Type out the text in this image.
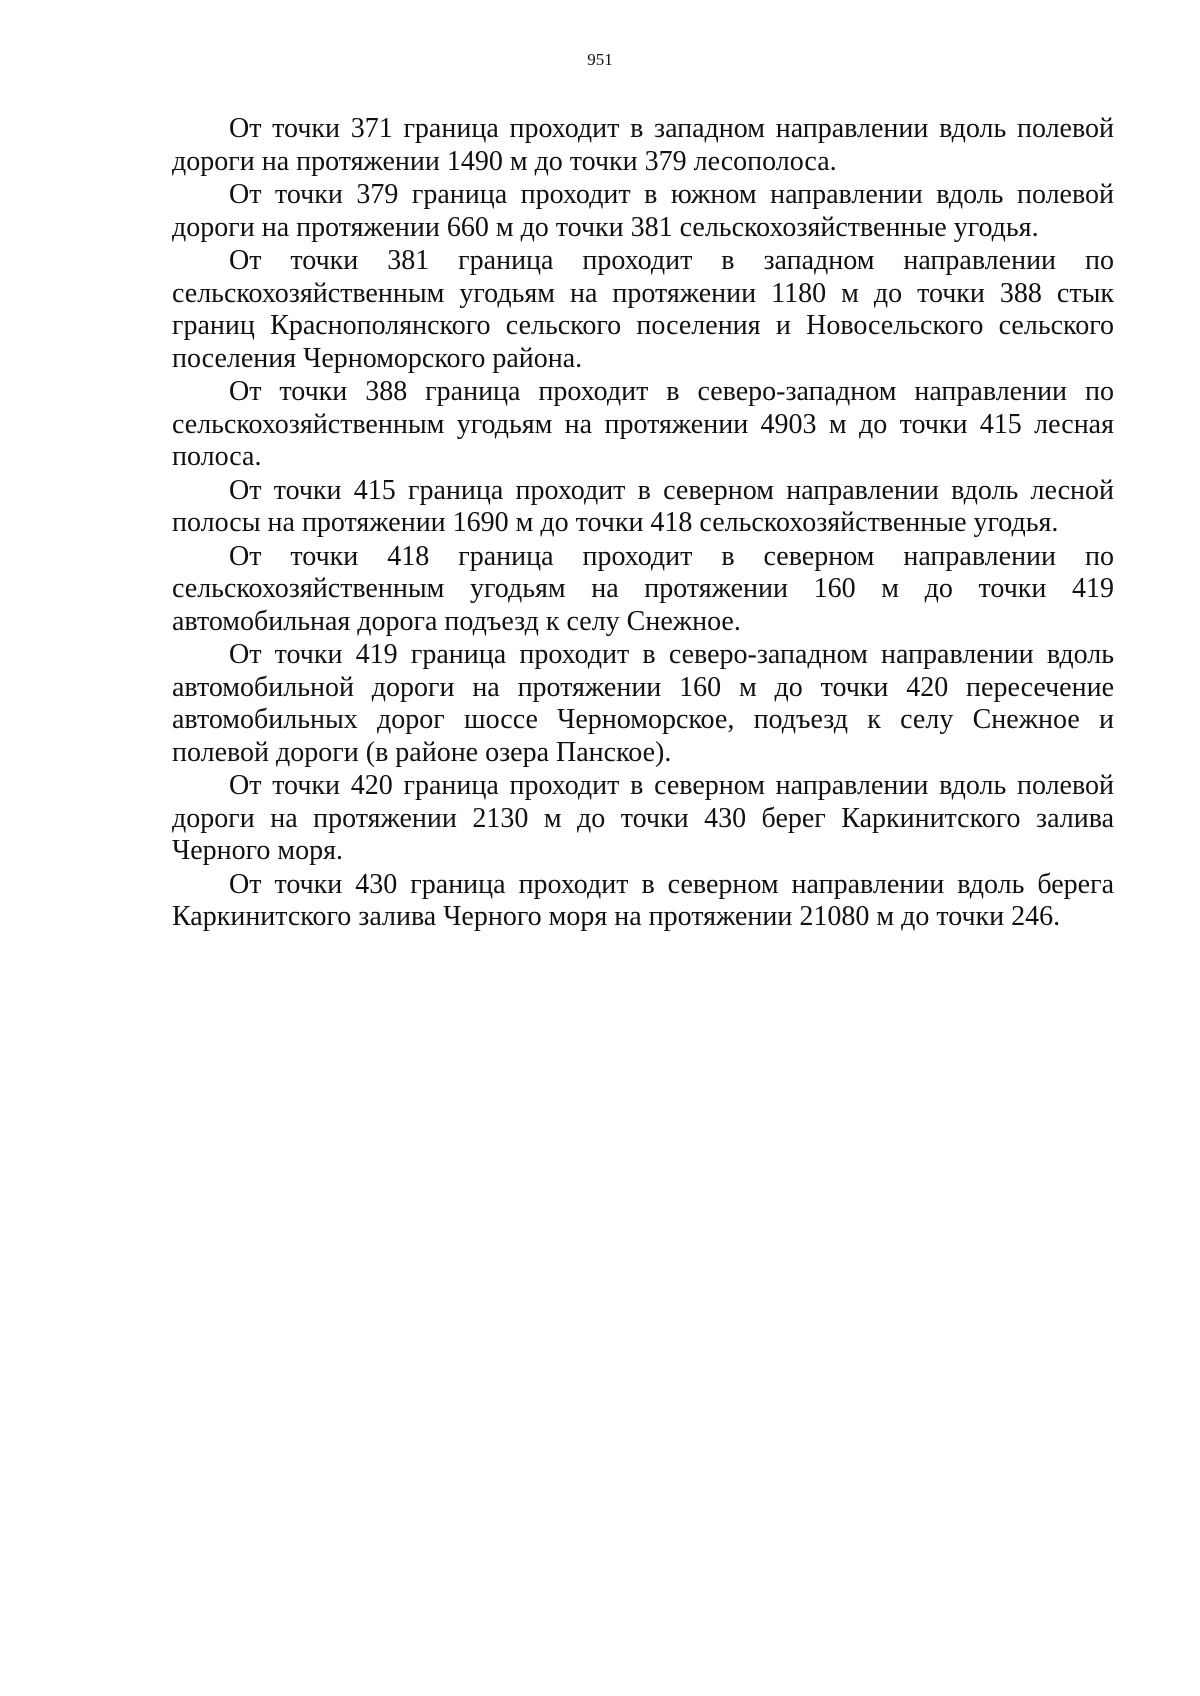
951

От точки 371 граница проходит в западном направлении вдоль полевой дороги на протяжении 1490 м до точки 379 лесополоса.

От точки 379 граница проходит в южном направлении вдоль полевой дороги на протяжении 660 м до точки 381 сельскохозяйственные угодья.

От точки 381 граница проходит в западном направлении по сельскохозяйственным угодьям на протяжении 1180 м до точки 388 стык границ Краснополянского сельского поселения и Новосельского сельского поселения Черноморского района.

От точки 388 граница проходит в северо-западном направлении по сельскохозяйственным угодьям на протяжении 4903 м до точки 415 лесная полоса.

От точки 415 граница проходит в северном направлении вдоль лесной полосы на протяжении 1690 м до точки 418 сельскохозяйственные угодья.

От точки 418 граница проходит в северном направлении по сельскохозяйственным угодьям на протяжении 160 м до точки 419 автомобильная дорога подъезд к селу Снежное.

От точки 419 граница проходит в северо-западном направлении вдоль автомобильной дороги на протяжении 160 м до точки 420 пересечение автомобильных дорог шоссе Черноморское, подъезд к селу Снежное и полевой дороги (в районе озера Панское).

От точки 420 граница проходит в северном направлении вдоль полевой дороги на протяжении 2130 м до точки 430 берег Каркинитского залива Черного моря.

От точки 430 граница проходит в северном направлении вдоль берега Каркинитского залива Черного моря на протяжении 21080 м до точки 246.
